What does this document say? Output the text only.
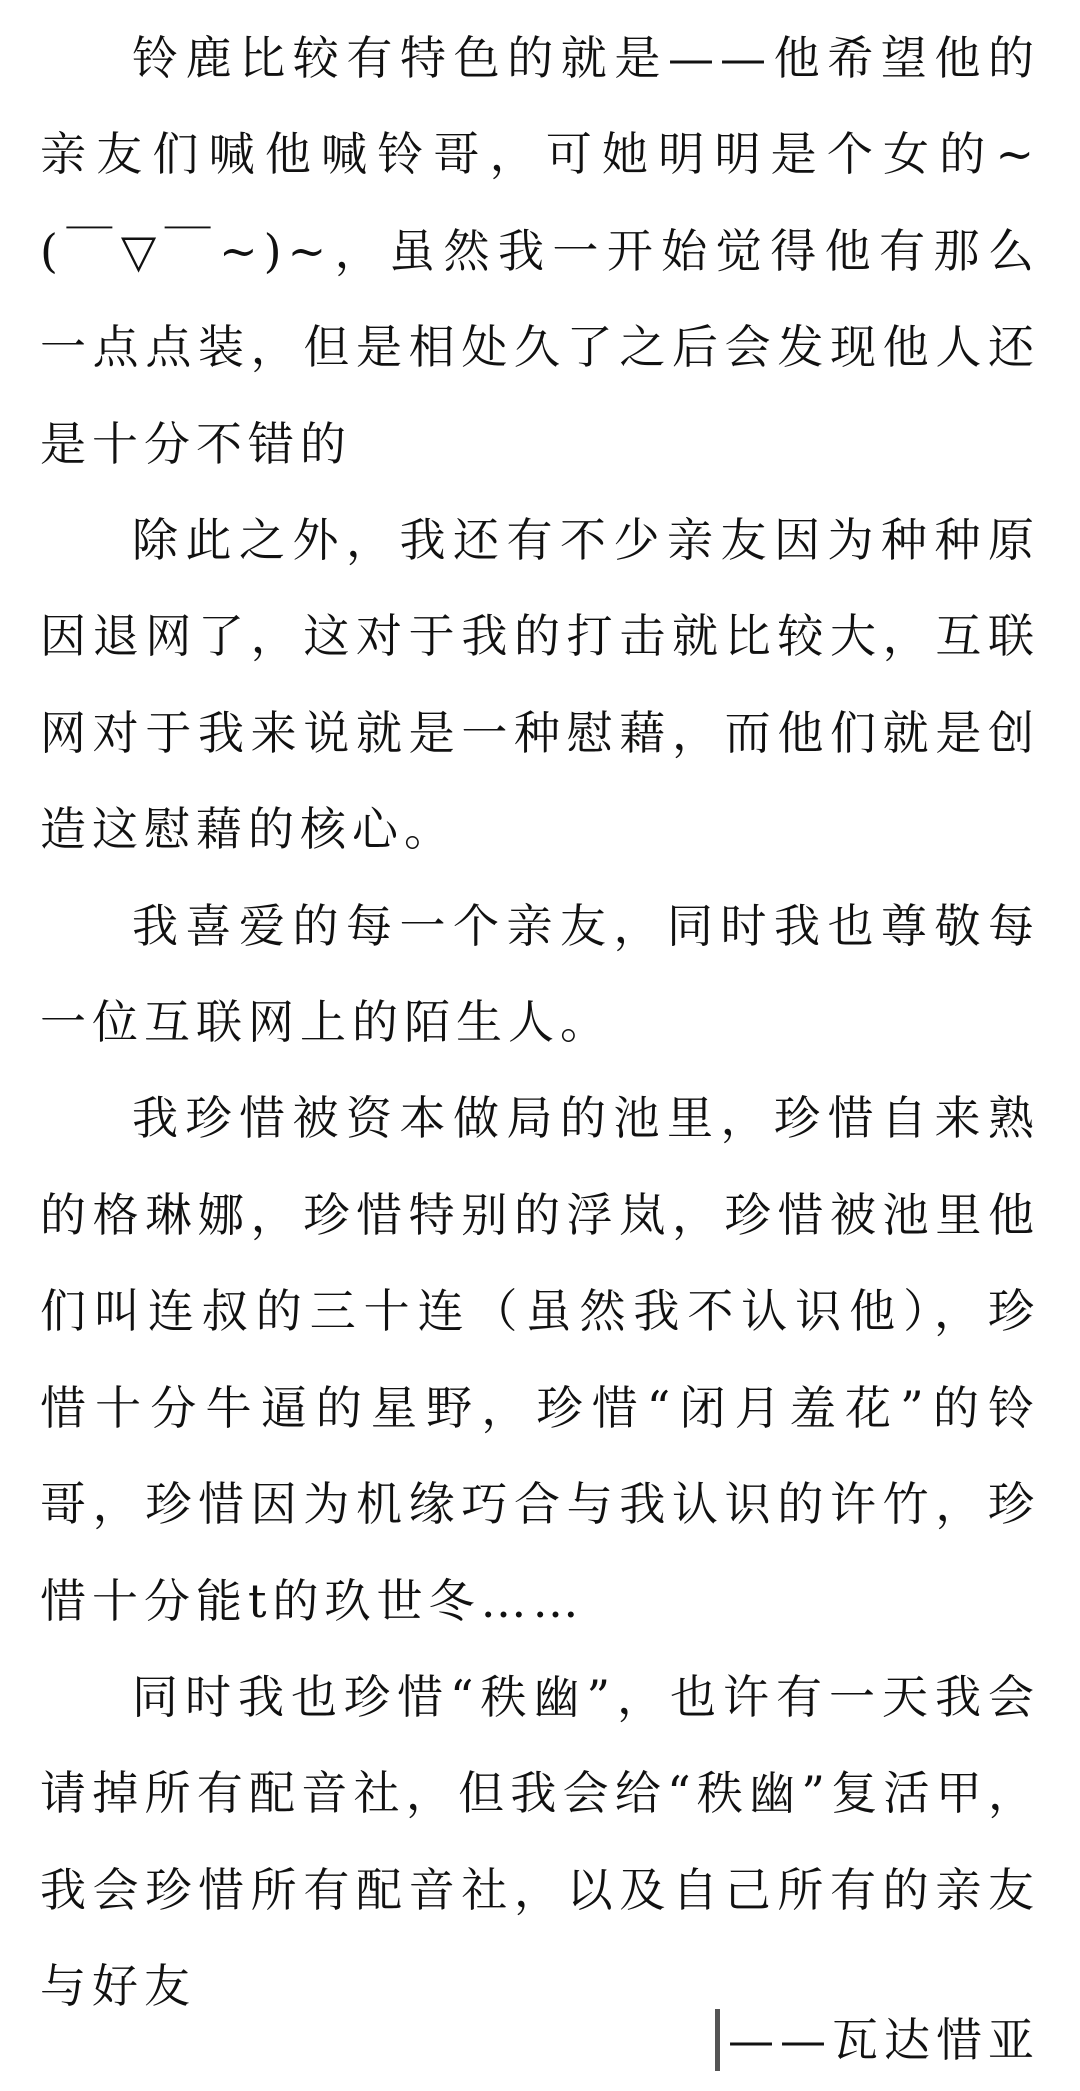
铃鹿比较有特色的就是——他希望他的亲友们喊他喊铃哥，可她明明是个女的~(￣▽￣~)~，虽然我一开始觉得他有那么一点点装，但是相处久了之后会发现他人还是十分不错的

除此之外，我还有不少亲友因为种种原因退网了，这对于我的打击就比较大，互联网对于我来说就是一种慰藉，而他们就是创造这慰藉的核心。

我喜爱的每一个亲友，同时我也尊敬每一位互联网上的陌生人。

我珍惜被资本做局的池里，珍惜自来熟的格琳娜，珍惜特别的浮岚，珍惜被池里他们叫连叔的三十连（虽然我不认识他），珍惜十分牛逼的星野，珍惜“闭月羞花”的铃哥，珍惜因为机缘巧合与我认识的许竹，珍惜十分能t的玖世冬……

同时我也珍惜“秩幽”，也许有一天我会请掉所有配音社，但我会给“秩幽”复活甲，我会珍惜所有配音社，以及自己所有的亲友与好友

——瓦达惜亚
